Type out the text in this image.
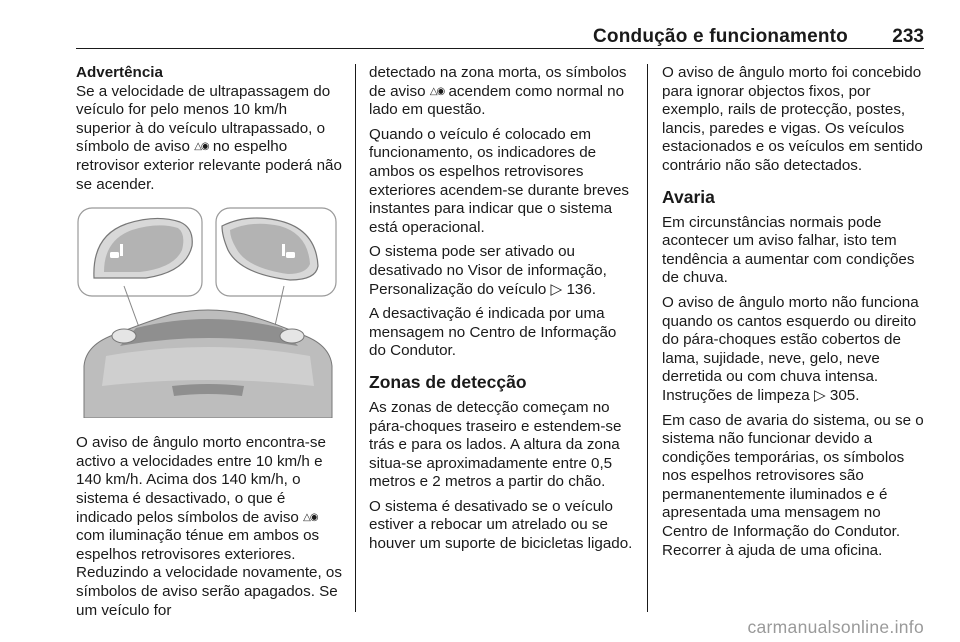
Condução e funcionamento 233

Advertência
Se a velocidade de ultrapassagem do veículo for pelo menos 10 km/h superior à do veículo ultrapassado, o símbolo de aviso △◉ no espelho retrovisor exterior relevante poderá não se acender.

O aviso de ângulo morto encontra-se activo a velocidades entre 10 km/h e 140 km/h. Acima dos 140 km/h, o sistema é desactivado, o que é indicado pelos símbolos de aviso △◉ com iluminação ténue em ambos os espelhos retrovisores exteriores. Reduzindo a velocidade novamente, os símbolos de aviso serão apagados. Se um veículo for

detectado na zona morta, os símbolos de aviso △◉ acendem como normal no lado em questão.

Quando o veículo é colocado em funcionamento, os indicadores de ambos os espelhos retrovisores exteriores acendem-se durante breves instantes para indicar que o sistema está operacional.

O sistema pode ser ativado ou desativado no Visor de informação, Personalização do veículo ▷ 136.

A desactivação é indicada por uma mensagem no Centro de Informação do Condutor.

Zonas de detecção

As zonas de detecção começam no pára-choques traseiro e estendem-se trás e para os lados. A altura da zona situa-se aproximadamente entre 0,5 metros e 2 metros a partir do chão.

O sistema é desativado se o veículo estiver a rebocar um atrelado ou se houver um suporte de bicicletas ligado.

O aviso de ângulo morto foi concebido para ignorar objectos fixos, por exemplo, rails de protecção, postes, lancis, paredes e vigas. Os veículos estacionados e os veículos em sentido contrário não são detectados.

Avaria

Em circunstâncias normais pode acontecer um aviso falhar, isto tem tendência a aumentar com condições de chuva.

O aviso de ângulo morto não funciona quando os cantos esquerdo ou direito do pára-choques estão cobertos de lama, sujidade, neve, gelo, neve derretida ou com chuva intensa. Instruções de limpeza ▷ 305.

Em caso de avaria do sistema, ou se o sistema não funcionar devido a condições temporárias, os símbolos nos espelhos retrovisores são permanentemente iluminados e é apresentada uma mensagem no Centro de Informação do Condutor. Recorrer à ajuda de uma oficina.

carmanualsonline.info
